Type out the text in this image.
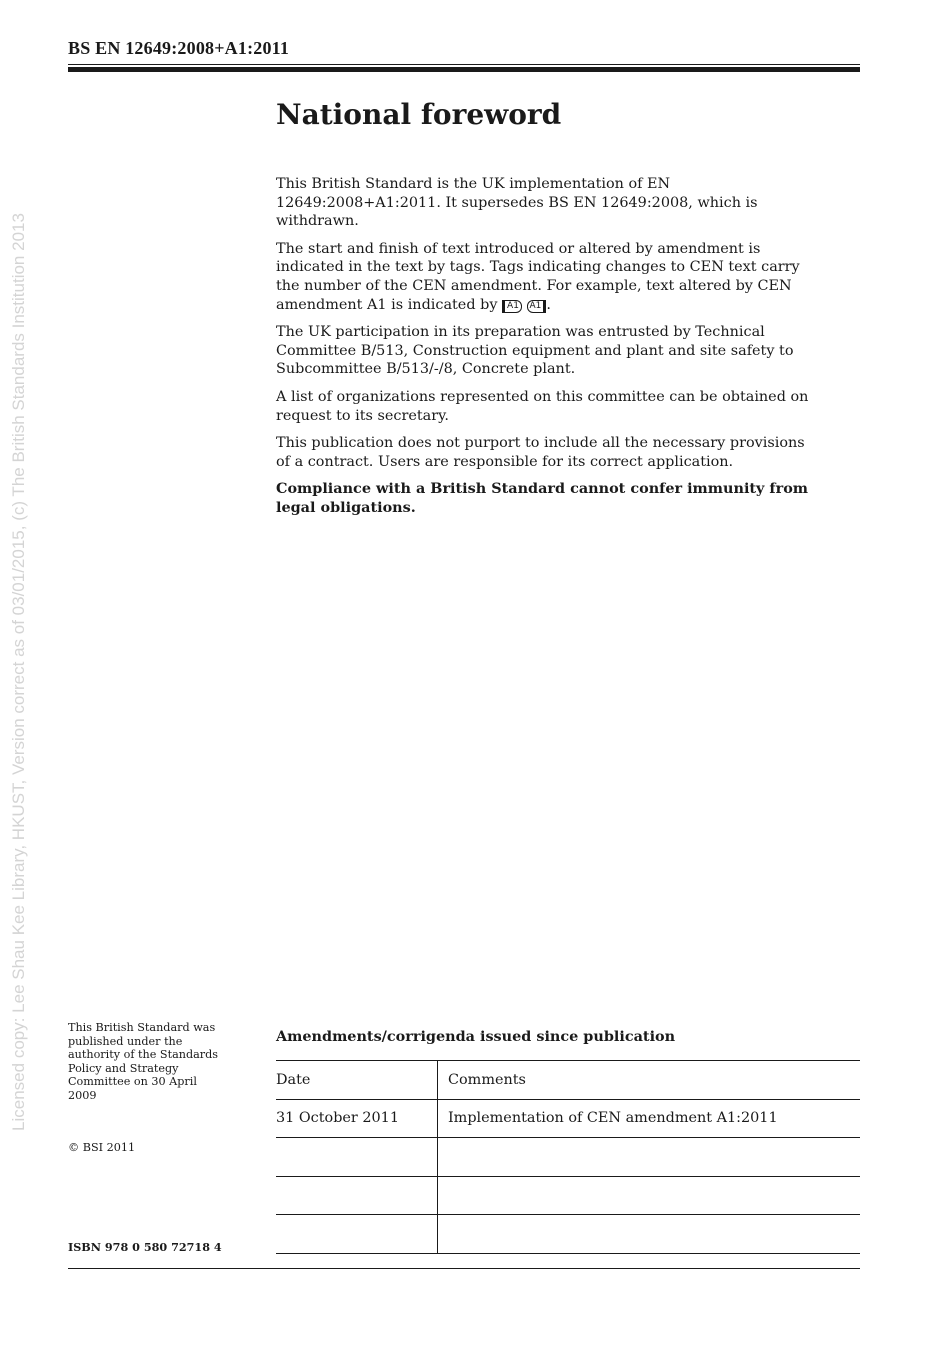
BS EN 12649:2008+A1:2011
Licensed copy: Lee Shau Kee Library, HKUST, Version correct as of 03/01/2015, (c) The British Standards Institution 2013
National foreword

This British Standard is the UK implementation of EN 12649:2008+A1:2011. It supersedes BS EN 12649:2008, which is withdrawn.

The start and finish of text introduced or altered by amendment is indicated in the text by tags. Tags indicating changes to CEN text carry the number of the CEN amendment. For example, text altered by CEN amendment A1 is indicated by A1 A1 .

The UK participation in its preparation was entrusted by Technical Committee B/513, Construction equipment and plant and site safety to Subcommittee B/513/-/8, Concrete plant.

A list of organizations represented on this committee can be obtained on request to its secretary.

This publication does not purport to include all the necessary provisions of a contract. Users are responsible for its correct application.

Compliance with a British Standard cannot confer immunity from legal obligations.

This British Standard was published under the authority of the Standards Policy and Strategy Committee on 30 April 2009
© BSI 2011
ISBN 978 0 580 72718 4
Amendments/corrigenda issued since publication
Date	Comments
31 October 2011	Implementation of CEN amendment A1:2011
